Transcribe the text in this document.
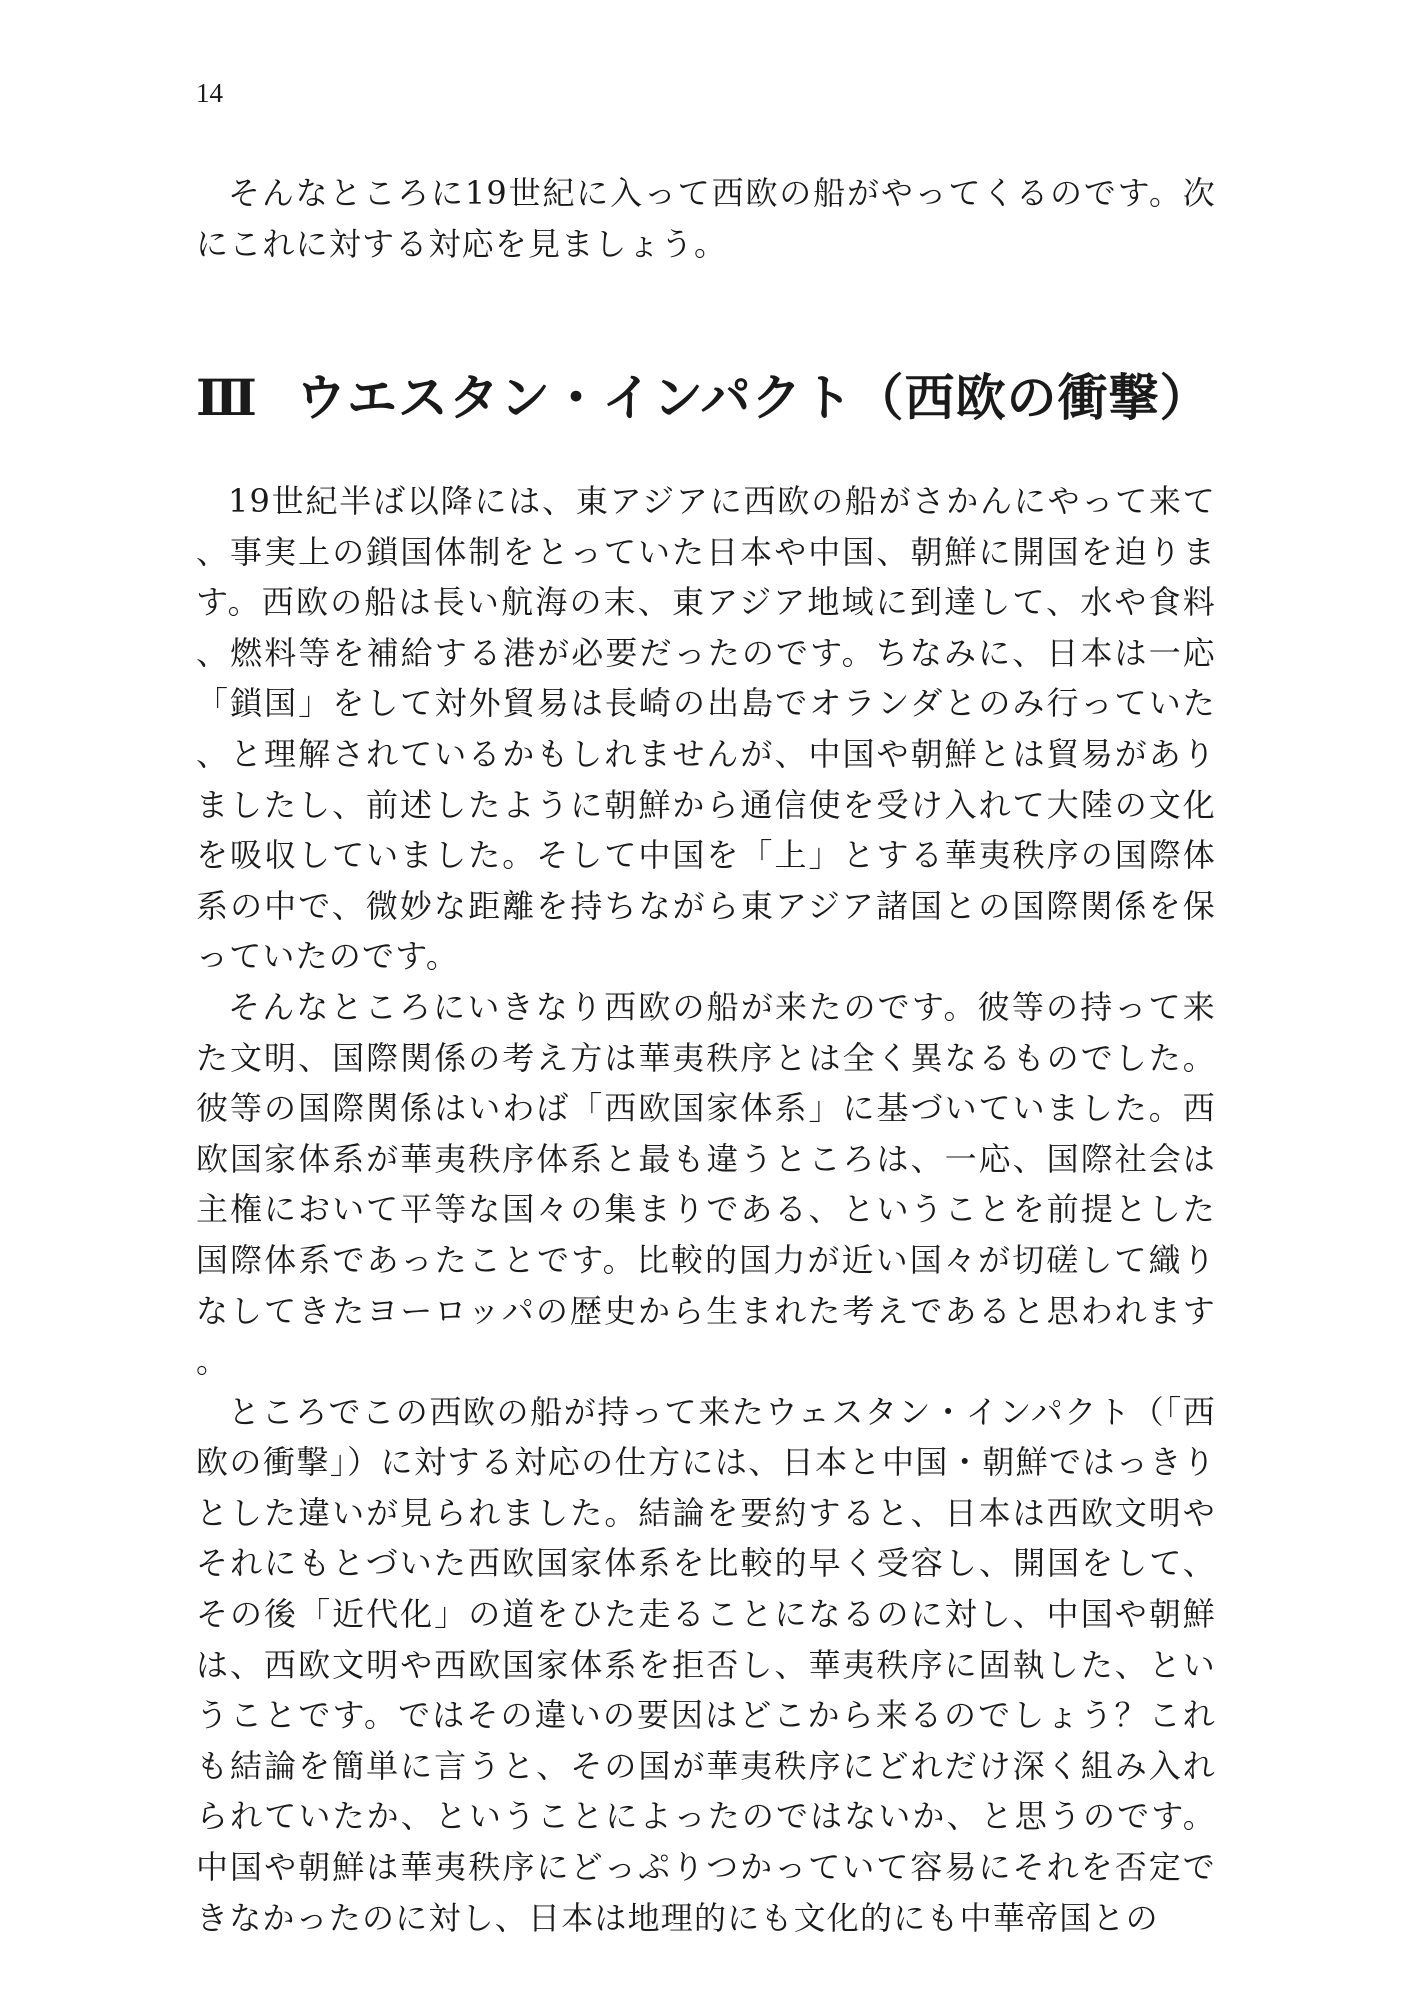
14

そんなところに19世紀に入って西欧の船がやってくるのです。次にこれに対する対応を見ましょう。

Ⅲ ウエスタン・インパクト（西欧の衝撃）

19世紀半ば以降には、東アジアに西欧の船がさかんにやって来て、事実上の鎖国体制をとっていた日本や中国、朝鮮に開国を迫ります。西欧の船は長い航海の末、東アジア地域に到達して、水や食料、燃料等を補給する港が必要だったのです。ちなみに、日本は一応「鎖国」をして対外貿易は長崎の出島でオランダとのみ行っていた、と理解されているかもしれませんが、中国や朝鮮とは貿易がありましたし、前述したように朝鮮から通信使を受け入れて大陸の文化を吸収していました。そして中国を「上」とする華夷秩序の国際体系の中で、微妙な距離を持ちながら東アジア諸国との国際関係を保っていたのです。

そんなところにいきなり西欧の船が来たのです。彼等の持って来た文明、国際関係の考え方は華夷秩序とは全く異なるものでした。彼等の国際関係はいわば「西欧国家体系」に基づいていました。西欧国家体系が華夷秩序体系と最も違うところは、一応、国際社会は主権において平等な国々の集まりである、ということを前提とした国際体系であったことです。比較的国力が近い国々が切磋して織りなしてきたヨーロッパの歴史から生まれた考えであると思われます。

ところでこの西欧の船が持って来たウェスタン・インパクト（「西欧の衝撃」）に対する対応の仕方には、日本と中国・朝鮮ではっきりとした違いが見られました。結論を要約すると、日本は西欧文明やそれにもとづいた西欧国家体系を比較的早く受容し、開国をして、その後「近代化」の道をひた走ることになるのに対し、中国や朝鮮は、西欧文明や西欧国家体系を拒否し、華夷秩序に固執した、ということです。ではその違いの要因はどこから来るのでしょう？これも結論を簡単に言うと、その国が華夷秩序にどれだけ深く組み入れられていたか、ということによったのではないか、と思うのです。中国や朝鮮は華夷秩序にどっぷりつかっていて容易にそれを否定できなかったのに対し、日本は地理的にも文化的にも中華帝国との
